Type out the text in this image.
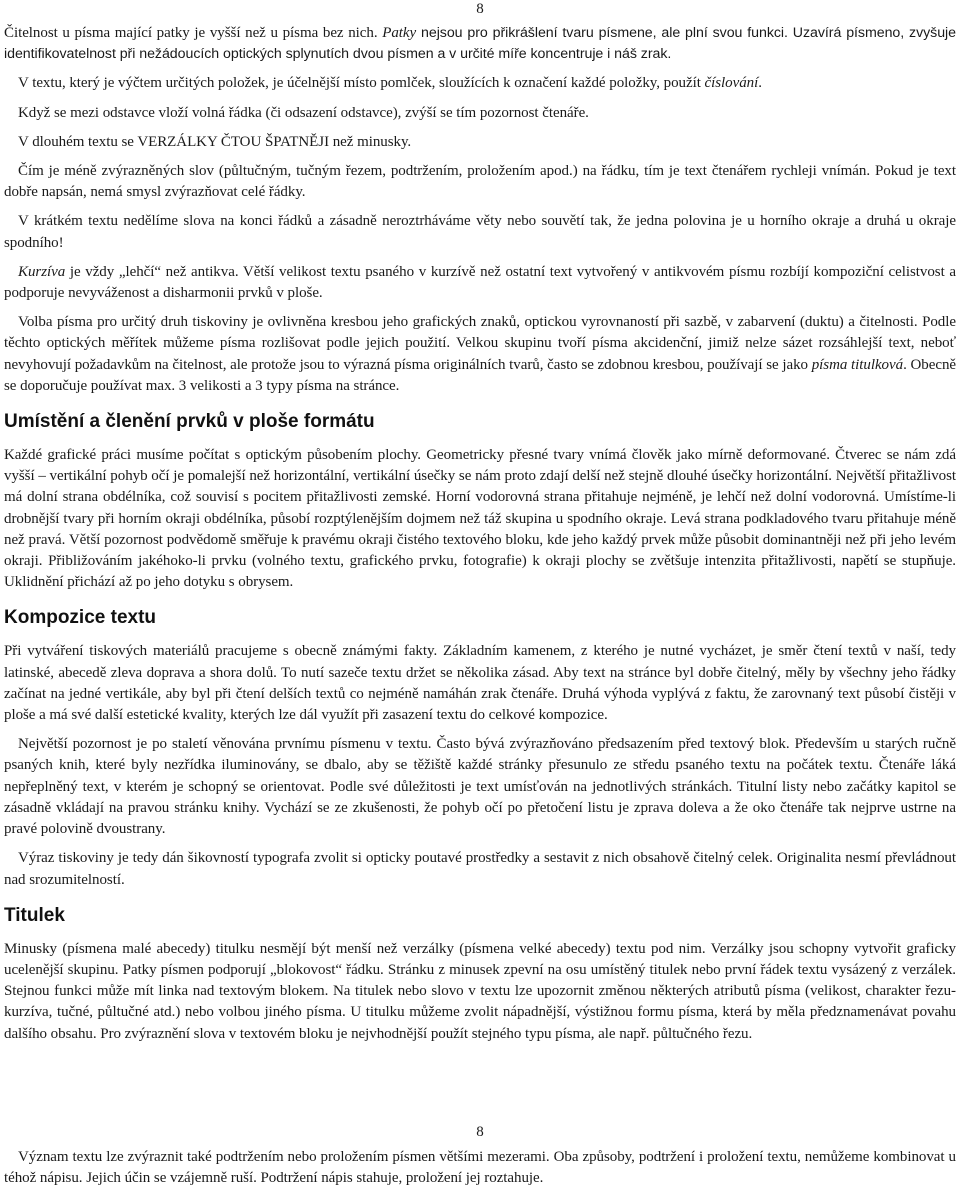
8

Čitelnost u písma mající patky je vyšší než u písma bez nich. Patky nejsou pro přikrášlení tvaru písmene, ale plní svou funkci. Uzavírá písmeno, zvyšuje identifikovatelnost při nežádoucích optických splynutích dvou písmen a v určité míře koncentruje i náš zrak.

V textu, který je výčtem určitých položek, je účelnější místo pomlček, sloužících k označení každé položky, použít číslování.

Když se mezi odstavce vloží volná řádka (či odsazení odstavce), zvýší se tím pozornost čtenáře.

V dlouhém textu se VERZÁLKY ČTOU ŠPATNĚJI než minusky.

Čím je méně zvýrazněných slov (půltučným, tučným řezem, podtržením, proložením apod.) na řádku, tím je text čtenářem rychleji vnímán. Pokud je text dobře napsán, nemá smysl zvýrazňovat celé řádky.

V krátkém textu nedělíme slova na konci řádků a zásadně neroztrháváme věty nebo souvětí tak, že jedna polovina je u horního okraje a druhá u okraje spodního!

Kurzíva je vždy „lehčí“ než antikva. Větší velikost textu psaného v kurzívě než ostatní text vytvořený v antikvovém písmu rozbíjí kompoziční celistvost a podporuje nevyváženost a disharmonii prvků v ploše.

Volba písma pro určitý druh tiskoviny je ovlivněna kresbou jeho grafických znaků, optickou vyrovnaností při sazbě, v zabarvení (duktu) a čitelnosti. Podle těchto optických měřítek můžeme písma rozlišovat podle jejich použití. Velkou skupinu tvoří písma akcidenční, jimiž nelze sázet rozsáhlejší text, neboť nevyhovují požadavkům na čitelnost, ale protože jsou to výrazná písma originálních tvarů, často se zdobnou kresbou, používají se jako písma titulková. Obecně se doporučuje používat max. 3 velikosti a 3 typy písma na stránce.

Umístění a členění prvků v ploše formátu

Každé grafické práci musíme počítat s optickým působením plochy. Geometricky přesné tvary vnímá člověk jako mírně deformované. Čtverec se nám zdá vyšší – vertikální pohyb očí je pomalejší než horizontální, vertikální úsečky se nám proto zdají delší než stejně dlouhé úsečky horizontální. Největší přitažlivost má dolní strana obdélníka, což souvisí s pocitem přitažlivosti zemské. Horní vodorovná strana přitahuje nejméně, je lehčí než dolní vodorovná. Umístíme-li drobnější tvary při horním okraji obdélníka, působí rozptýlenějším dojmem než táž skupina u spodního okraje. Levá strana podkladového tvaru přitahuje méně než pravá. Větší pozornost podvědomě směřuje k pravému okraji čistého textového bloku, kde jeho každý prvek může působit dominantněji než při jeho levém okraji. Přibližováním jakéhoko-li prvku (volného textu, grafického prvku, fotografie) k okraji plochy se zvětšuje intenzita přitažlivosti, napětí se stupňuje. Uklidnění přichází až po jeho dotyku s obrysem.

Kompozice textu

Při vytváření tiskových materiálů pracujeme s obecně známými fakty. Základním kamenem, z kterého je nutné vycházet, je směr čtení textů v naší, tedy latinské, abecedě zleva doprava a shora dolů. To nutí sazeče textu držet se několika zásad. Aby text na stránce byl dobře čitelný, měly by všechny jeho řádky začínat na jedné vertikále, aby byl při čtení delších textů co nejméně namáhán zrak čtenáře. Druhá výhoda vyplývá z faktu, že zarovnaný text působí čistěji v ploše a má své další estetické kvality, kterých lze dál využít při zasazení textu do celkové kompozice.

Největší pozornost je po staletí věnována prvnímu písmenu v textu. Často bývá zvýrazňováno předsazením před textový blok. Především u starých ručně psaných knih, které byly nezřídka iluminovány, se dbalo, aby se těžiště každé stránky přesunulo ze středu psaného textu na počátek textu. Čtenáře láká nepřeplněný text, v kterém je schopný se orientovat. Podle své důležitosti je text umísťován na jednotlivých stránkách. Titulní listy nebo začátky kapitol se zásadně vkládají na pravou stránku knihy. Vychází se ze zkušenosti, že pohyb očí po přetočení listu je zprava doleva a že oko čtenáře tak nejprve ustrne na pravé polovině dvoustrany.

Výraz tiskoviny je tedy dán šikovností typografa zvolit si opticky poutavé prostředky a sestavit z nich obsahově čitelný celek. Originalita nesmí převládnout nad srozumitelností.

Titulek

Minusky (písmena malé abecedy) titulku nesmějí být menší než verzálky (písmena velké abecedy) textu pod nim. Verzálky jsou schopny vytvořit graficky ucelenější skupinu. Patky písmen podporují „blokovost“ řádku. Stránku z minusek zpevní na osu umístěný titulek nebo první řádek textu vysázený z verzálek. Stejnou funkci může mít linka nad textovým blokem. Na titulek nebo slovo v textu lze upozornit změnou některých atributů písma (velikost, charakter řezu-kurzíva, tučné, půltučné atd.) nebo volbou jiného písma. U titulku můžeme zvolit nápadnější, výstižnou formu písma, která by měla předznamenávat povahu dalšího obsahu. Pro zvýraznění slova v textovém bloku je nejvhodnější použít stejného typu písma, ale např. půltučného řezu.

8

Význam textu lze zvýraznit také podtržením nebo proložením písmen většími mezerami. Oba způsoby, podtržení i proložení textu, nemůžeme kombinovat u téhož nápisu. Jejich účin se vzájemně ruší. Podtržení nápis stahuje, proložení jej roztahuje.
